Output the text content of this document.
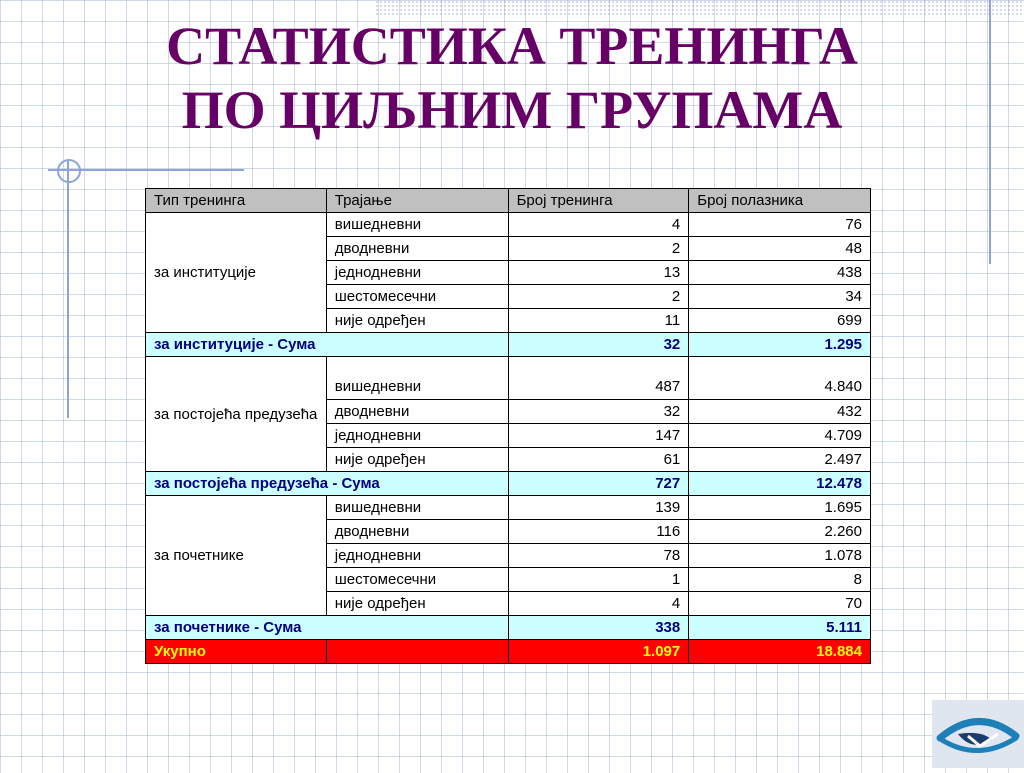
СТАТИСТИКА ТРЕНИНГА
ПО ЦИЉНИМ ГРУПАМА
Тип тренинга	Трајање	Број тренинга	Број полазника
за институције	вишедневни	4	76
	дводневни	2	48
	једнодневни	13	438
	шестомесечни	2	34
	није одређен	11	699
за институције - Сума		32	1.295
за постојећа предузећа	вишедневни	487	4.840
	дводневни	32	432
	једнодневни	147	4.709
	није одређен	61	2.497
за постојећа предузећа - Сума		727	12.478
за почетнике	вишедневни	139	1.695
	дводневни	116	2.260
	једнодневни	78	1.078
	шестомесечни	1	8
	није одређен	4	70
за почетнике - Сума		338	5.111
Укупно		1.097	18.884
